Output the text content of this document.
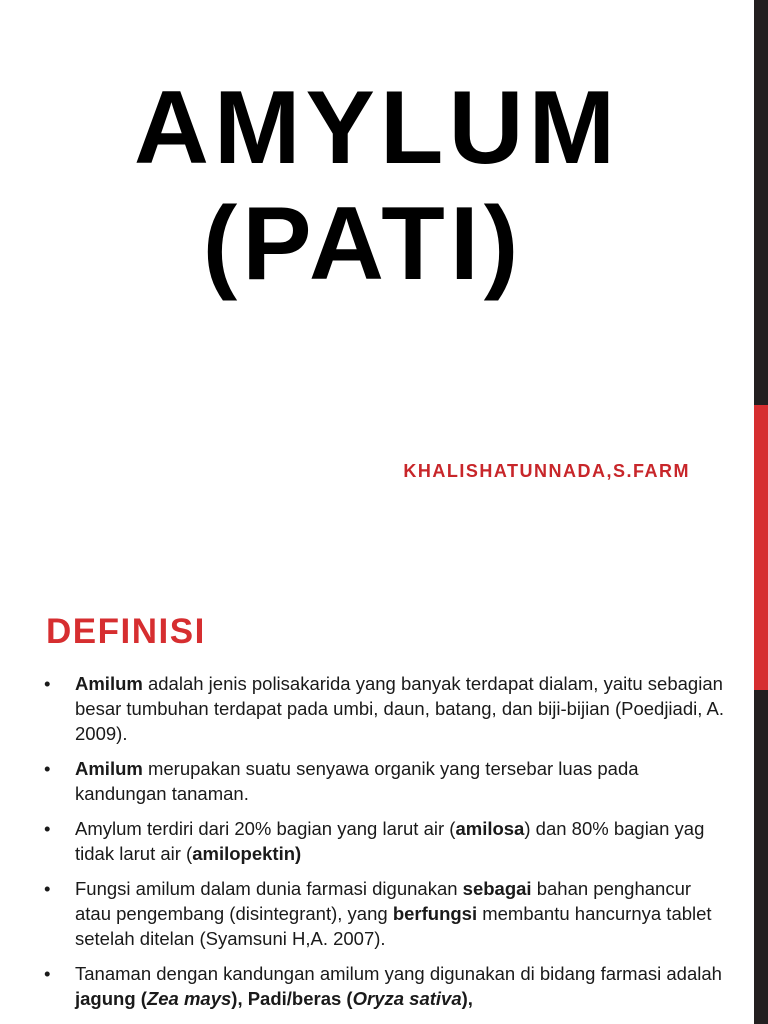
AMYLUM
(PATI)
KHALISHATUNNADA,S.FARM
DEFINISI
• Amilum adalah jenis polisakarida yang banyak terdapat dialam, yaitu sebagian besar tumbuhan terdapat pada umbi, daun, batang, dan biji-bijian (Poedjiadi, A. 2009).
• Amilum merupakan suatu senyawa organik yang tersebar luas pada kandungan tanaman.
• Amylum terdiri dari 20% bagian yang larut air (amilosa) dan 80% bagian yag tidak larut air (amilopektin)
• Fungsi amilum dalam dunia farmasi digunakan sebagai bahan penghancur atau pengembang (disintegrant), yang berfungsi membantu hancurnya tablet setelah ditelan (Syamsuni H,A. 2007).
• Tanaman dengan kandungan amilum yang digunakan di bidang farmasi adalah jagung (Zea mays), Padi/beras (Oryza sativa),
